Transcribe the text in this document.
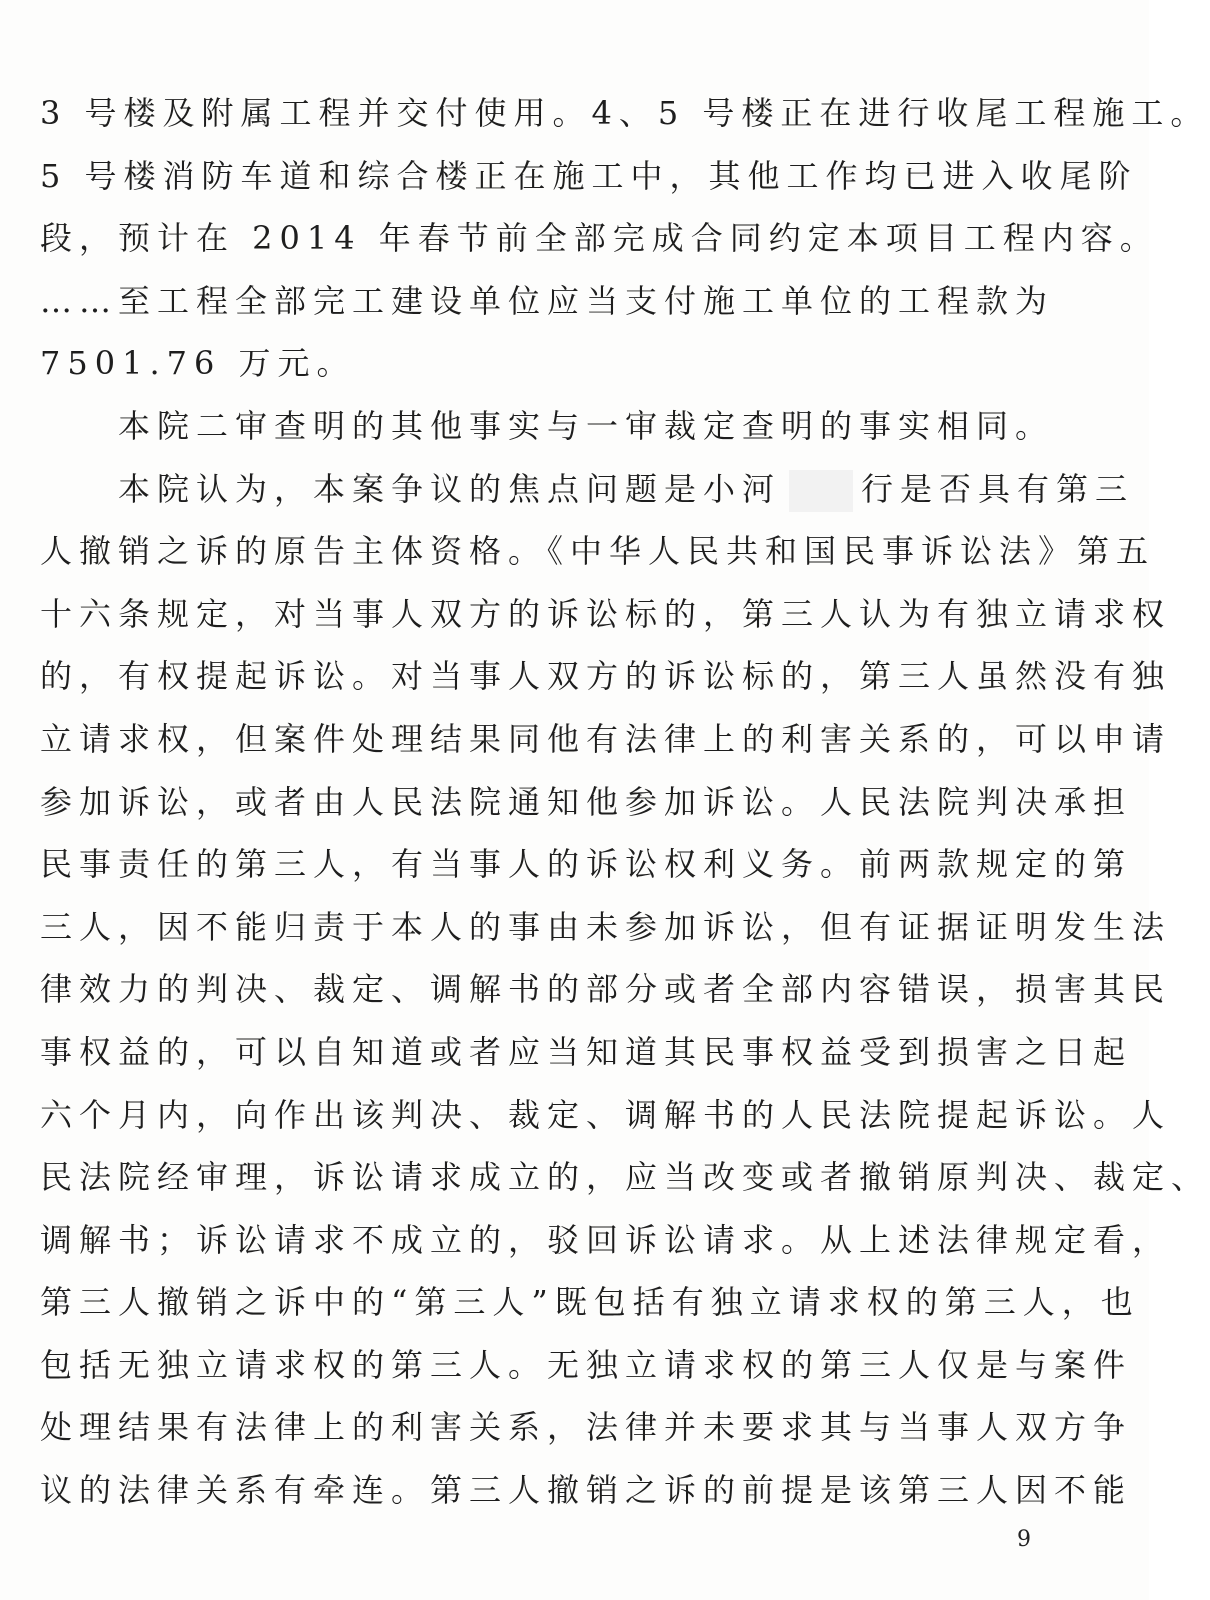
3 号楼及附属工程并交付使用。4、5 号楼正在进行收尾工程施工。
5 号楼消防车道和综合楼正在施工中，其他工作均已进入收尾阶
段，预计在 2014 年春节前全部完成合同约定本项目工程内容。
……至工程全部完工建设单位应当支付施工单位的工程款为
7501.76 万元。
本院二审查明的其他事实与一审裁定查明的事实相同。
本院认为，本案争议的焦点问题是小河	行是否具有第三
人撤销之诉的原告主体资格。《中华人民共和国民事诉讼法》第五
十六条规定，对当事人双方的诉讼标的，第三人认为有独立请求权
的，有权提起诉讼。对当事人双方的诉讼标的，第三人虽然没有独
立请求权，但案件处理结果同他有法律上的利害关系的，可以申请
参加诉讼，或者由人民法院通知他参加诉讼。人民法院判决承担
民事责任的第三人，有当事人的诉讼权利义务。前两款规定的第
三人，因不能归责于本人的事由未参加诉讼，但有证据证明发生法
律效力的判决、裁定、调解书的部分或者全部内容错误，损害其民
事权益的，可以自知道或者应当知道其民事权益受到损害之日起
六个月内，向作出该判决、裁定、调解书的人民法院提起诉讼。人
民法院经审理，诉讼请求成立的，应当改变或者撤销原判决、裁定、
调解书；诉讼请求不成立的，驳回诉讼请求。从上述法律规定看，
第三人撤销之诉中的“第三人”既包括有独立请求权的第三人，也
包括无独立请求权的第三人。无独立请求权的第三人仅是与案件
处理结果有法律上的利害关系，法律并未要求其与当事人双方争
议的法律关系有牵连。第三人撤销之诉的前提是该第三人因不能
9
